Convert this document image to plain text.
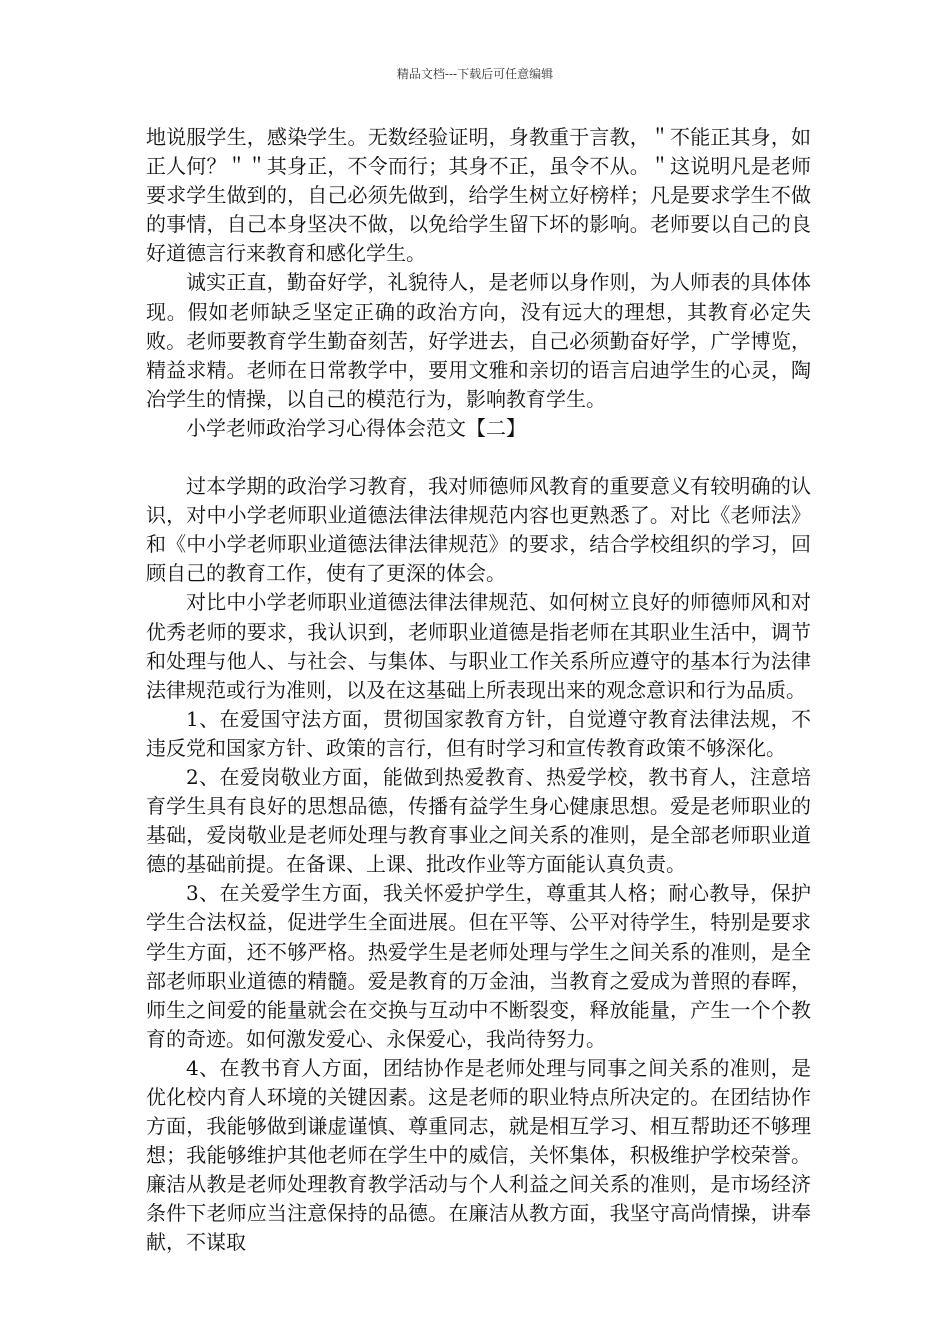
精品文档---下载后可任意编辑

地说服学生，感染学生。无数经验证明，身教重于言教，＂不能正其身，如正人何？＂＂其身正，不令而行；其身不正，虽令不从。＂这说明凡是老师要求学生做到的，自己必须先做到，给学生树立好榜样；凡是要求学生不做的事情，自己本身坚决不做，以免给学生留下坏的影响。老师要以自己的良好道德言行来教育和感化学生。

诚实正直，勤奋好学，礼貌待人，是老师以身作则，为人师表的具体体现。假如老师缺乏坚定正确的政治方向，没有远大的理想，其教育必定失败。老师要教育学生勤奋刻苦，好学进去，自己必须勤奋好学，广学博览，精益求精。老师在日常教学中，要用文雅和亲切的语言启迪学生的心灵，陶冶学生的情操，以自己的模范行为，影响教育学生。

小学老师政治学习心得体会范文【二】

过本学期的政治学习教育，我对师德师风教育的重要意义有较明确的认识，对中小学老师职业道德法律法律规范内容也更熟悉了。对比《老师法》和《中小学老师职业道德法律法律规范》的要求，结合学校组织的学习，回顾自己的教育工作，使有了更深的体会。

对比中小学老师职业道德法律法律规范、如何树立良好的师德师风和对优秀老师的要求，我认识到，老师职业道德是指老师在其职业生活中，调节和处理与他人、与社会、与集体、与职业工作关系所应遵守的基本行为法律法律规范或行为准则，以及在这基础上所表现出来的观念意识和行为品质。

1、在爱国守法方面，贯彻国家教育方针，自觉遵守教育法律法规，不违反党和国家方针、政策的言行，但有时学习和宣传教育政策不够深化。

2、在爱岗敬业方面，能做到热爱教育、热爱学校，教书育人，注意培育学生具有良好的思想品德，传播有益学生身心健康思想。爱是老师职业的基础，爱岗敬业是老师处理与教育事业之间关系的准则，是全部老师职业道德的基础前提。在备课、上课、批改作业等方面能认真负责。

3、在关爱学生方面，我关怀爱护学生，尊重其人格；耐心教导，保护学生合法权益，促进学生全面进展。但在平等、公平对待学生，特别是要求学生方面，还不够严格。热爱学生是老师处理与学生之间关系的准则，是全部老师职业道德的精髓。爱是教育的万金油，当教育之爱成为普照的春晖，师生之间爱的能量就会在交换与互动中不断裂变，释放能量，产生一个个教育的奇迹。如何激发爱心、永保爱心，我尚待努力。

4、在教书育人方面，团结协作是老师处理与同事之间关系的准则，是优化校内育人环境的关键因素。这是老师的职业特点所决定的。在团结协作方面，我能够做到谦虚谨慎、尊重同志，就是相互学习、相互帮助还不够理想；我能够维护其他老师在学生中的威信，关怀集体，积极维护学校荣誉。廉洁从教是老师处理教育教学活动与个人利益之间关系的准则，是市场经济条件下老师应当注意保持的品德。在廉洁从教方面，我坚守高尚情操，讲奉献，不谋取
